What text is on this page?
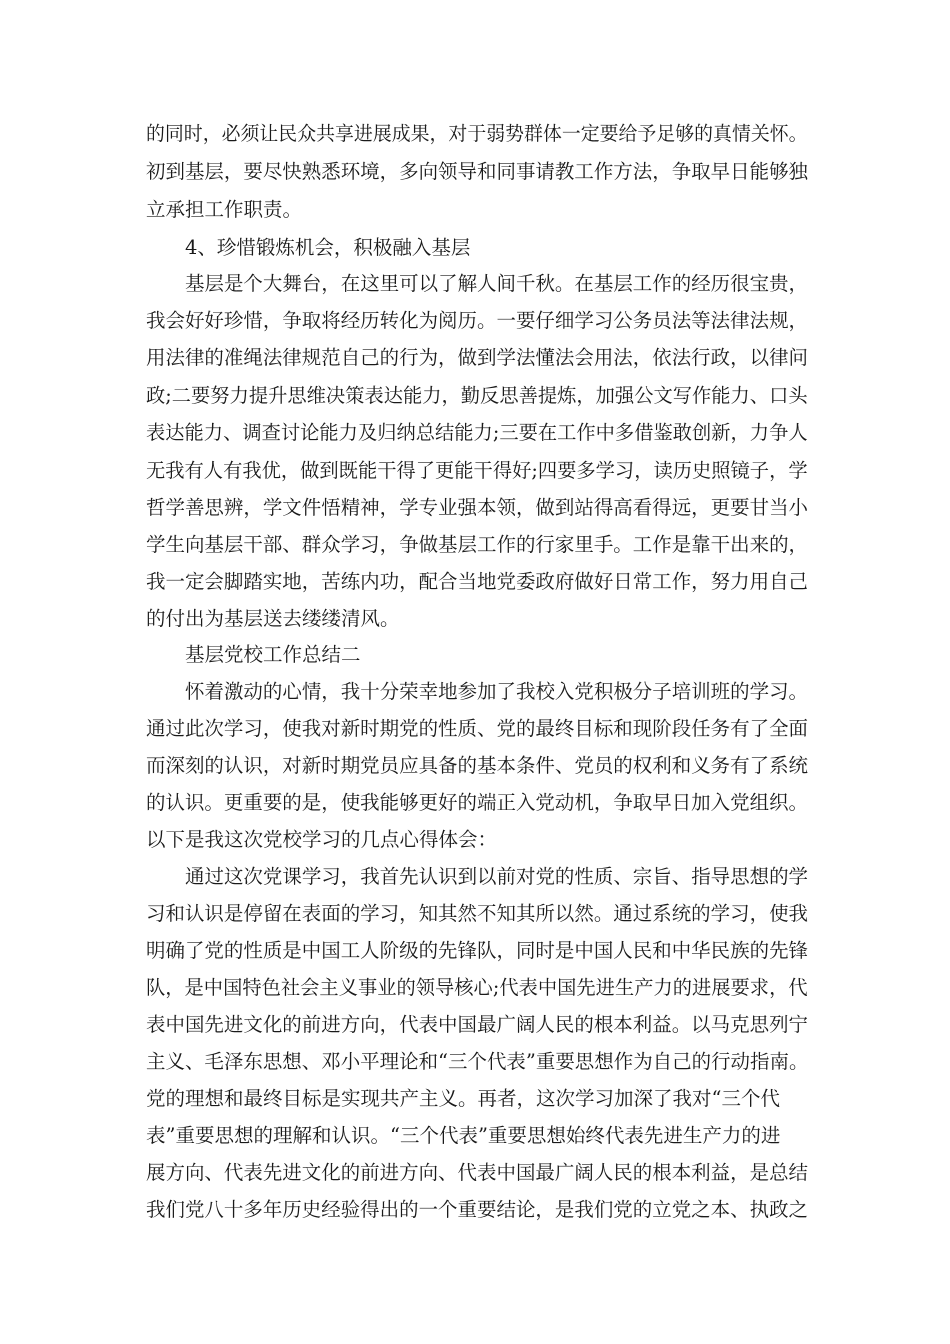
的同时，必须让民众共享进展成果，对于弱势群体一定要给予足够的真情关怀。
初到基层，要尽快熟悉环境，多向领导和同事请教工作方法，争取早日能够独
立承担工作职责。
4、珍惜锻炼机会，积极融入基层
基层是个大舞台，在这里可以了解人间千秋。在基层工作的经历很宝贵，
我会好好珍惜，争取将经历转化为阅历。一要仔细学习公务员法等法律法规，
用法律的准绳法律规范自己的行为，做到学法懂法会用法，依法行政，以律问
政;二要努力提升思维决策表达能力，勤反思善提炼，加强公文写作能力、口头
表达能力、调查讨论能力及归纳总结能力;三要在工作中多借鉴敢创新，力争人
无我有人有我优，做到既能干得了更能干得好;四要多学习，读历史照镜子，学
哲学善思辨，学文件悟精神，学专业强本领，做到站得高看得远，更要甘当小
学生向基层干部、群众学习，争做基层工作的行家里手。工作是靠干出来的，
我一定会脚踏实地，苦练内功，配合当地党委政府做好日常工作，努力用自己
的付出为基层送去缕缕清风。
基层党校工作总结二
怀着激动的心情，我十分荣幸地参加了我校入党积极分子培训班的学习。
通过此次学习，使我对新时期党的性质、党的最终目标和现阶段任务有了全面
而深刻的认识，对新时期党员应具备的基本条件、党员的权利和义务有了系统
的认识。更重要的是，使我能够更好的端正入党动机，争取早日加入党组织。
以下是我这次党校学习的几点心得体会：
通过这次党课学习，我首先认识到以前对党的性质、宗旨、指导思想的学
习和认识是停留在表面的学习，知其然不知其所以然。通过系统的学习，使我
明确了党的性质是中国工人阶级的先锋队，同时是中国人民和中华民族的先锋
队，是中国特色社会主义事业的领导核心;代表中国先进生产力的进展要求，代
表中国先进文化的前进方向，代表中国最广阔人民的根本利益。以马克思列宁
主义、毛泽东思想、邓小平理论和“三个代表”重要思想作为自己的行动指南。
党的理想和最终目标是实现共产主义。再者，这次学习加深了我对“三个代
表”重要思想的理解和认识。“三个代表”重要思想始终代表先进生产力的进
展方向、代表先进文化的前进方向、代表中国最广阔人民的根本利益，是总结
我们党八十多年历史经验得出的一个重要结论，是我们党的立党之本、执政之
